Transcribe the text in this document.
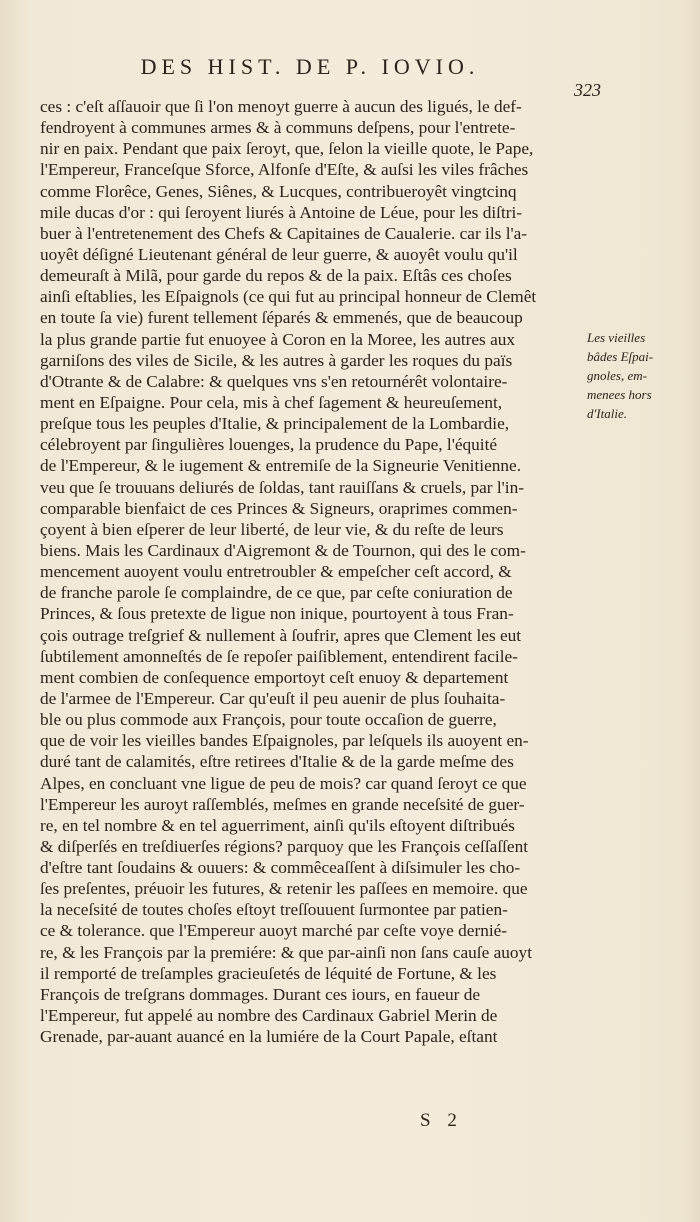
DES HIST. DE P. IOVIO.
323
ces : c'eſt aſſauoir que ſi l'on menoyt guerre à aucun des ligués, le def-
fendroyent à communes armes & à communs deſpens, pour l'entrete-
nir en paix. Pendant que paix ſeroyt, que, ſelon la vieille quote, le Pape,
l'Empereur, Franceſque Sforce, Alfonſe d'Eſte, & auſsi les viles frâches
comme Florêce, Genes, Siênes, & Lucques, contribueroyêt vingtcinq
mile ducas d'or : qui ſeroyent liurés à Antoine de Léue, pour les diſtri-
buer à l'entretenement des Chefs & Capitaines de Caualerie. car ils l'a-
uoyêt déſigné Lieutenant général de leur guerre, & auoyêt voulu qu'il
demeuraſt à Milã, pour garde du repos & de la paix. Eſtâs ces choſes
ainſi eſtablies, les Eſpaignols (ce qui fut au principal honneur de Clemêt
en toute ſa vie) furent tellement ſéparés & emmenés, que de beaucoup
la plus grande partie fut enuoyee à Coron en la Moree, les autres aux
garniſons des viles de Sicile, & les autres à garder les roques du païs
d'Otrante & de Calabre: & quelques vns s'en retournérêt volontaire-
ment en Eſpaigne. Pour cela, mis à chef ſagement & heureuſement,
preſque tous les peuples d'Italie, & principalement de la Lombardie,
célebroyent par ſingulières louenges, la prudence du Pape, l'équité
de l'Empereur, & le iugement & entremiſe de la Signeurie Venitienne.
veu que ſe trouuans deliurés de ſoldas, tant rauiſſans & cruels, par l'in-
comparable bienfaict de ces Princes & Signeurs, oraprimes commen-
çoyent à bien eſperer de leur liberté, de leur vie, & du reſte de leurs
biens. Mais les Cardinaux d'Aigremont & de Tournon, qui des le com-
mencement auoyent voulu entretroubler & empeſcher ceſt accord, &
de franche parole ſe complaindre, de ce que, par ceſte coniuration de
Princes, & ſous pretexte de ligue non inique, pourtoyent à tous Fran-
çois outrage treſgrief & nullement à ſoufrir, apres que Clement les eut
ſubtilement amonneſtés de ſe repoſer paiſiblement, entendirent facile-
ment combien de conſequence emportoyt ceſt enuoy & departement
de l'armee de l'Empereur. Car qu'euſt il peu auenir de plus ſouhaita-
ble ou plus commode aux François, pour toute occaſion de guerre,
que de voir les vieilles bandes Eſpaignoles, par leſquels ils auoyent en-
duré tant de calamités, eſtre retirees d'Italie & de la garde meſme des
Alpes, en concluant vne ligue de peu de mois? car quand ſeroyt ce que
l'Empereur les auroyt raſſemblés, meſmes en grande neceſsité de guer-
re, en tel nombre & en tel aguerriment, ainſi qu'ils eſtoyent diſtribués
& diſperſés en treſdiuerſes régions? parquoy que les François ceſſaſſent
d'eſtre tant ſoudains & ouuers: & commêceaſſent à diſsimuler les cho-
ſes preſentes, préuoir les futures, & retenir les paſſees en memoire. que
la neceſsité de toutes choſes eſtoyt treſſouuent ſurmontee par patien-
ce & tolerance. que l'Empereur auoyt marché par ceſte voye dernié-
re, & les François par la premiére: & que par-ainſi non ſans cauſe auoyt
il remporté de treſamples gracieuſetés de léquité de Fortune, & les
François de treſgrans dommages. Durant ces iours, en faueur de
l'Empereur, fut appelé au nombre des Cardinaux Gabriel Merin de
Grenade, par-auant auancé en la lumiére de la Court Papale, eſtant
Les vieilles
bâdes Eſpai-
gnoles, em-
menees hors
d'Italie.
S 2
